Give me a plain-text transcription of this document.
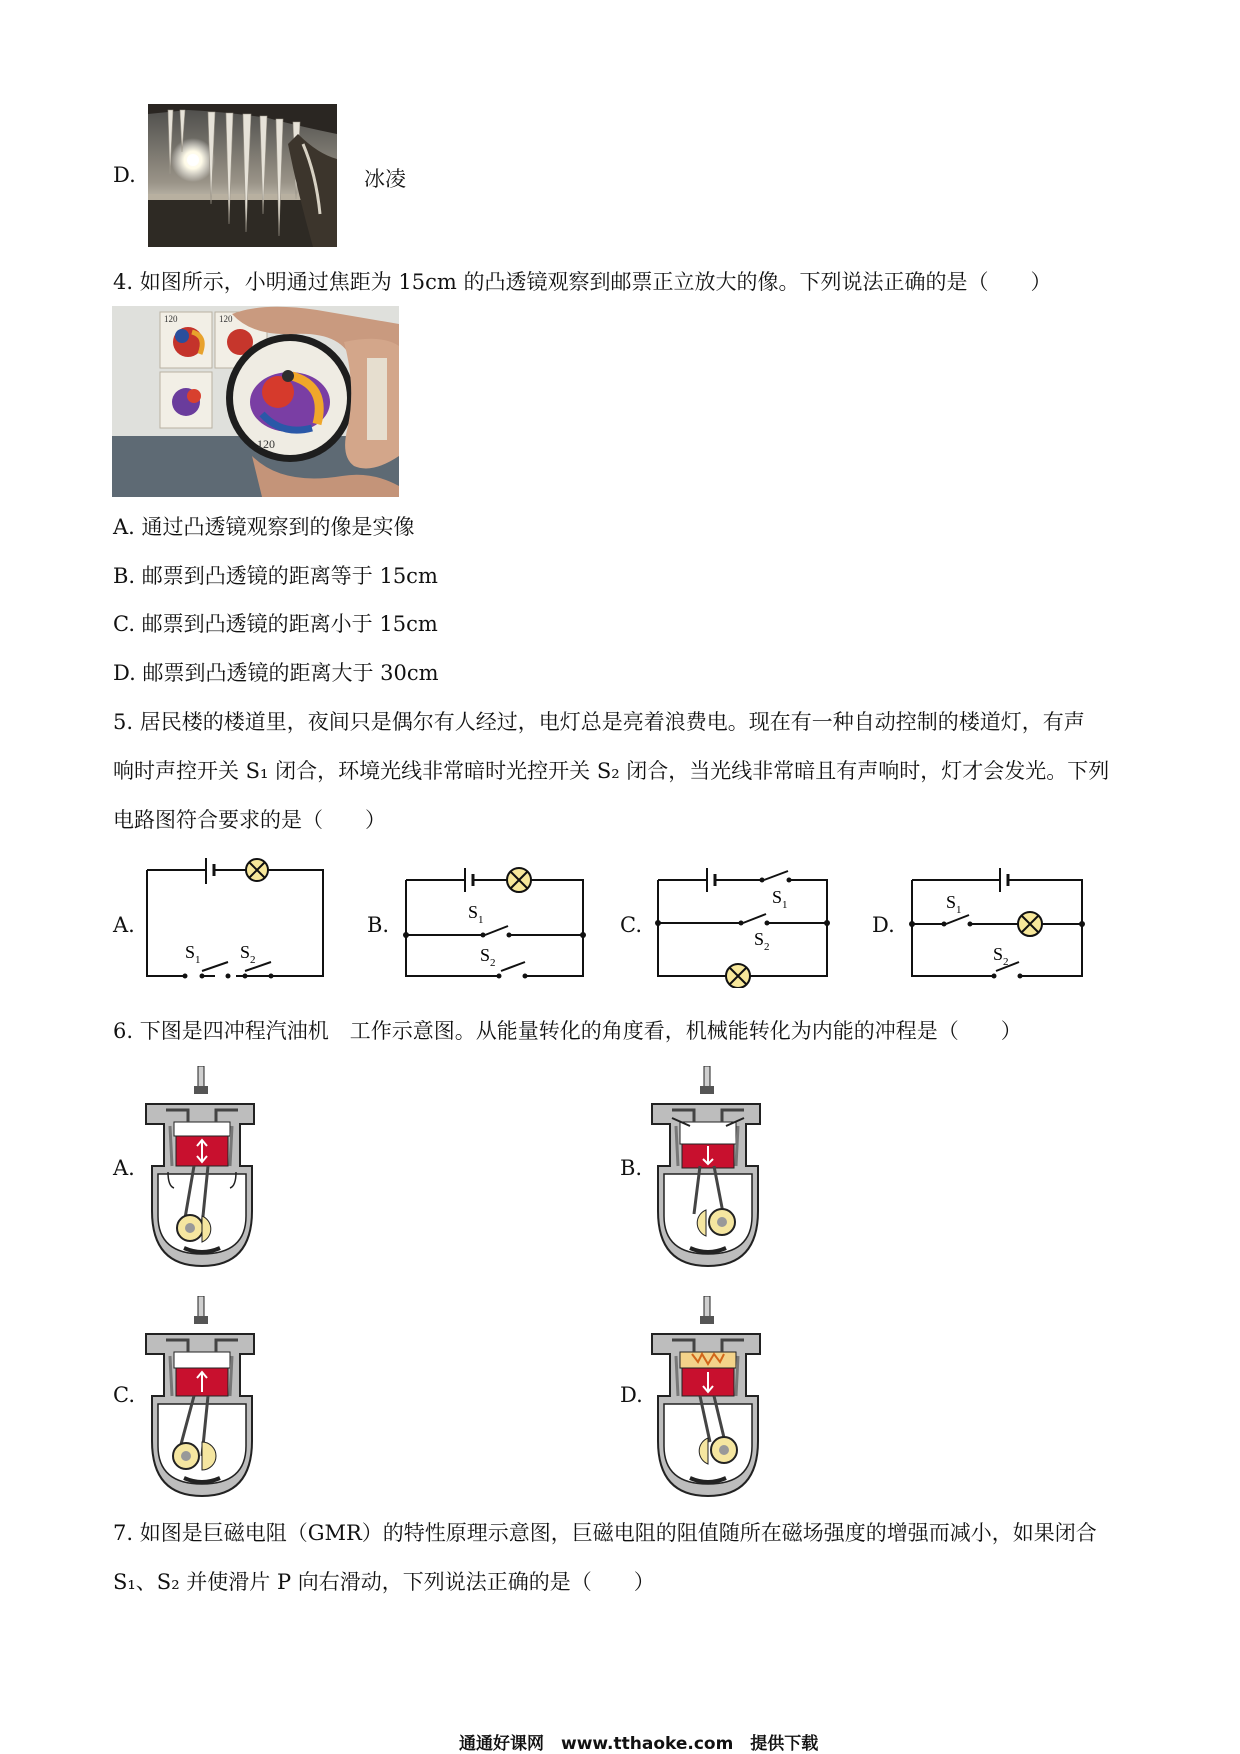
D.	冰凌
4. 如图所示，小明通过焦距为 15cm 的凸透镜观察到邮票正立放大的像。下列说法正确的是（　　）
120	120
120
A. 通过凸透镜观察到的像是实像
B. 邮票到凸透镜的距离等于 15cm
C. 邮票到凸透镜的距离小于 15cm
D. 邮票到凸透镜的距离大于 30cm
5. 居民楼的楼道里，夜间只是偶尔有人经过，电灯总是亮着浪费电。现在有一种自动控制的楼道灯，有声
响时声控开关 S₁ 闭合，环境光线非常暗时光控开关 S₂ 闭合，当光线非常暗且有声响时，灯才会发光。下列
电路图符合要求的是（　　）
A.
S 1 S 2
B.
S 1
S 2
C.
S 1
S 2
D.
S 1
S 2
6. 下图是四冲程汽油机　工作示意图。从能量转化的角度看，机械能转化为内能的冲程是（　　）
A.	B.
C.	D.
7. 如图是巨磁电阻（GMR）的特性原理示意图，巨磁电阻的阻值随所在磁场强度的增强而减小，如果闭合
S₁、S₂ 并使滑片 P 向右滑动，下列说法正确的是（　　）
通通好课网　www.tthaoke.com　提供下载
